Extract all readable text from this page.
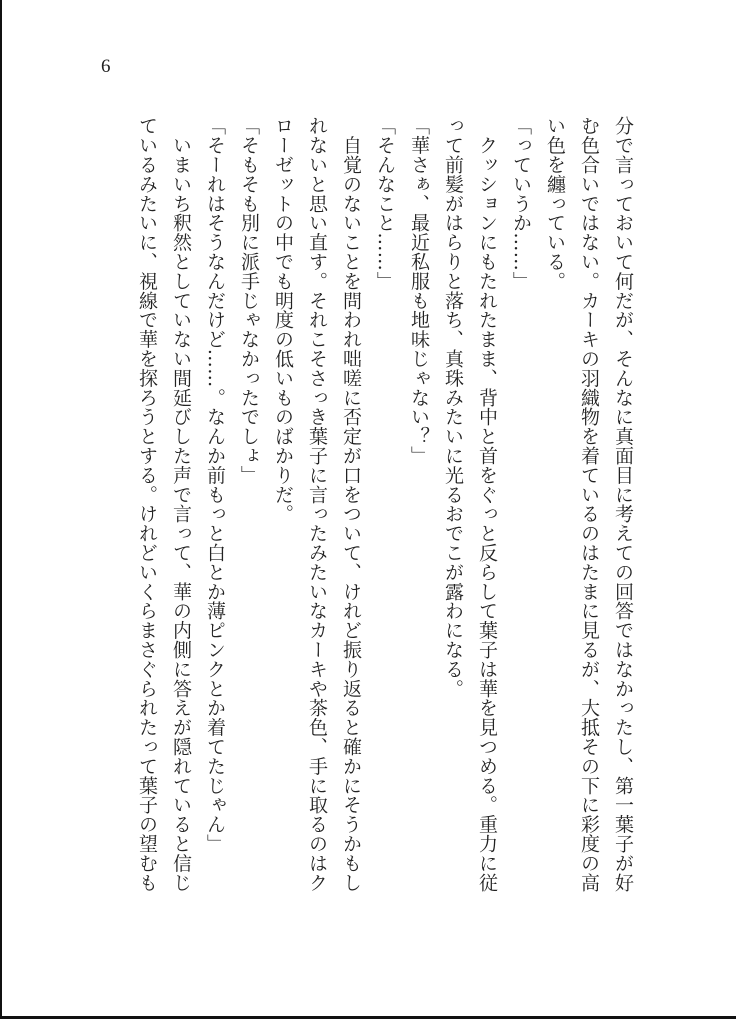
6
分で言っておいて何だが、そんなに真面目に考えての回答ではなかったし、第一葉子が好
む色合いではない。カーキの羽織物を着ているのはたまに見るが、大抵その下に彩度の高
い色を纏っている。
「っていうか……」
　クッションにもたれたまま、背中と首をぐっと反らして葉子は華を見つめる。重力に従
って前髪がはらりと落ち、真珠みたいに光るおでこが露わになる。
「華さぁ、最近私服も地味じゃない？」
「そんなこと……」
　自覚のないことを問われ咄嗟に否定が口をついて、けれど振り返ると確かにそうかもし
れないと思い直す。それこそさっき葉子に言ったみたいなカーキや茶色、手に取るのはク
ローゼットの中でも明度の低いものばかりだ。
「そもそも別に派手じゃなかったでしょ」
「そーれはそうなんだけど……。なんか前もっと白とか薄ピンクとか着てたじゃん」
　いまいち釈然としていない間延びした声で言って、華の内側に答えが隠れていると信じ
ているみたいに、視線で華を探ろうとする。けれどいくらまさぐられたって葉子の望むも
